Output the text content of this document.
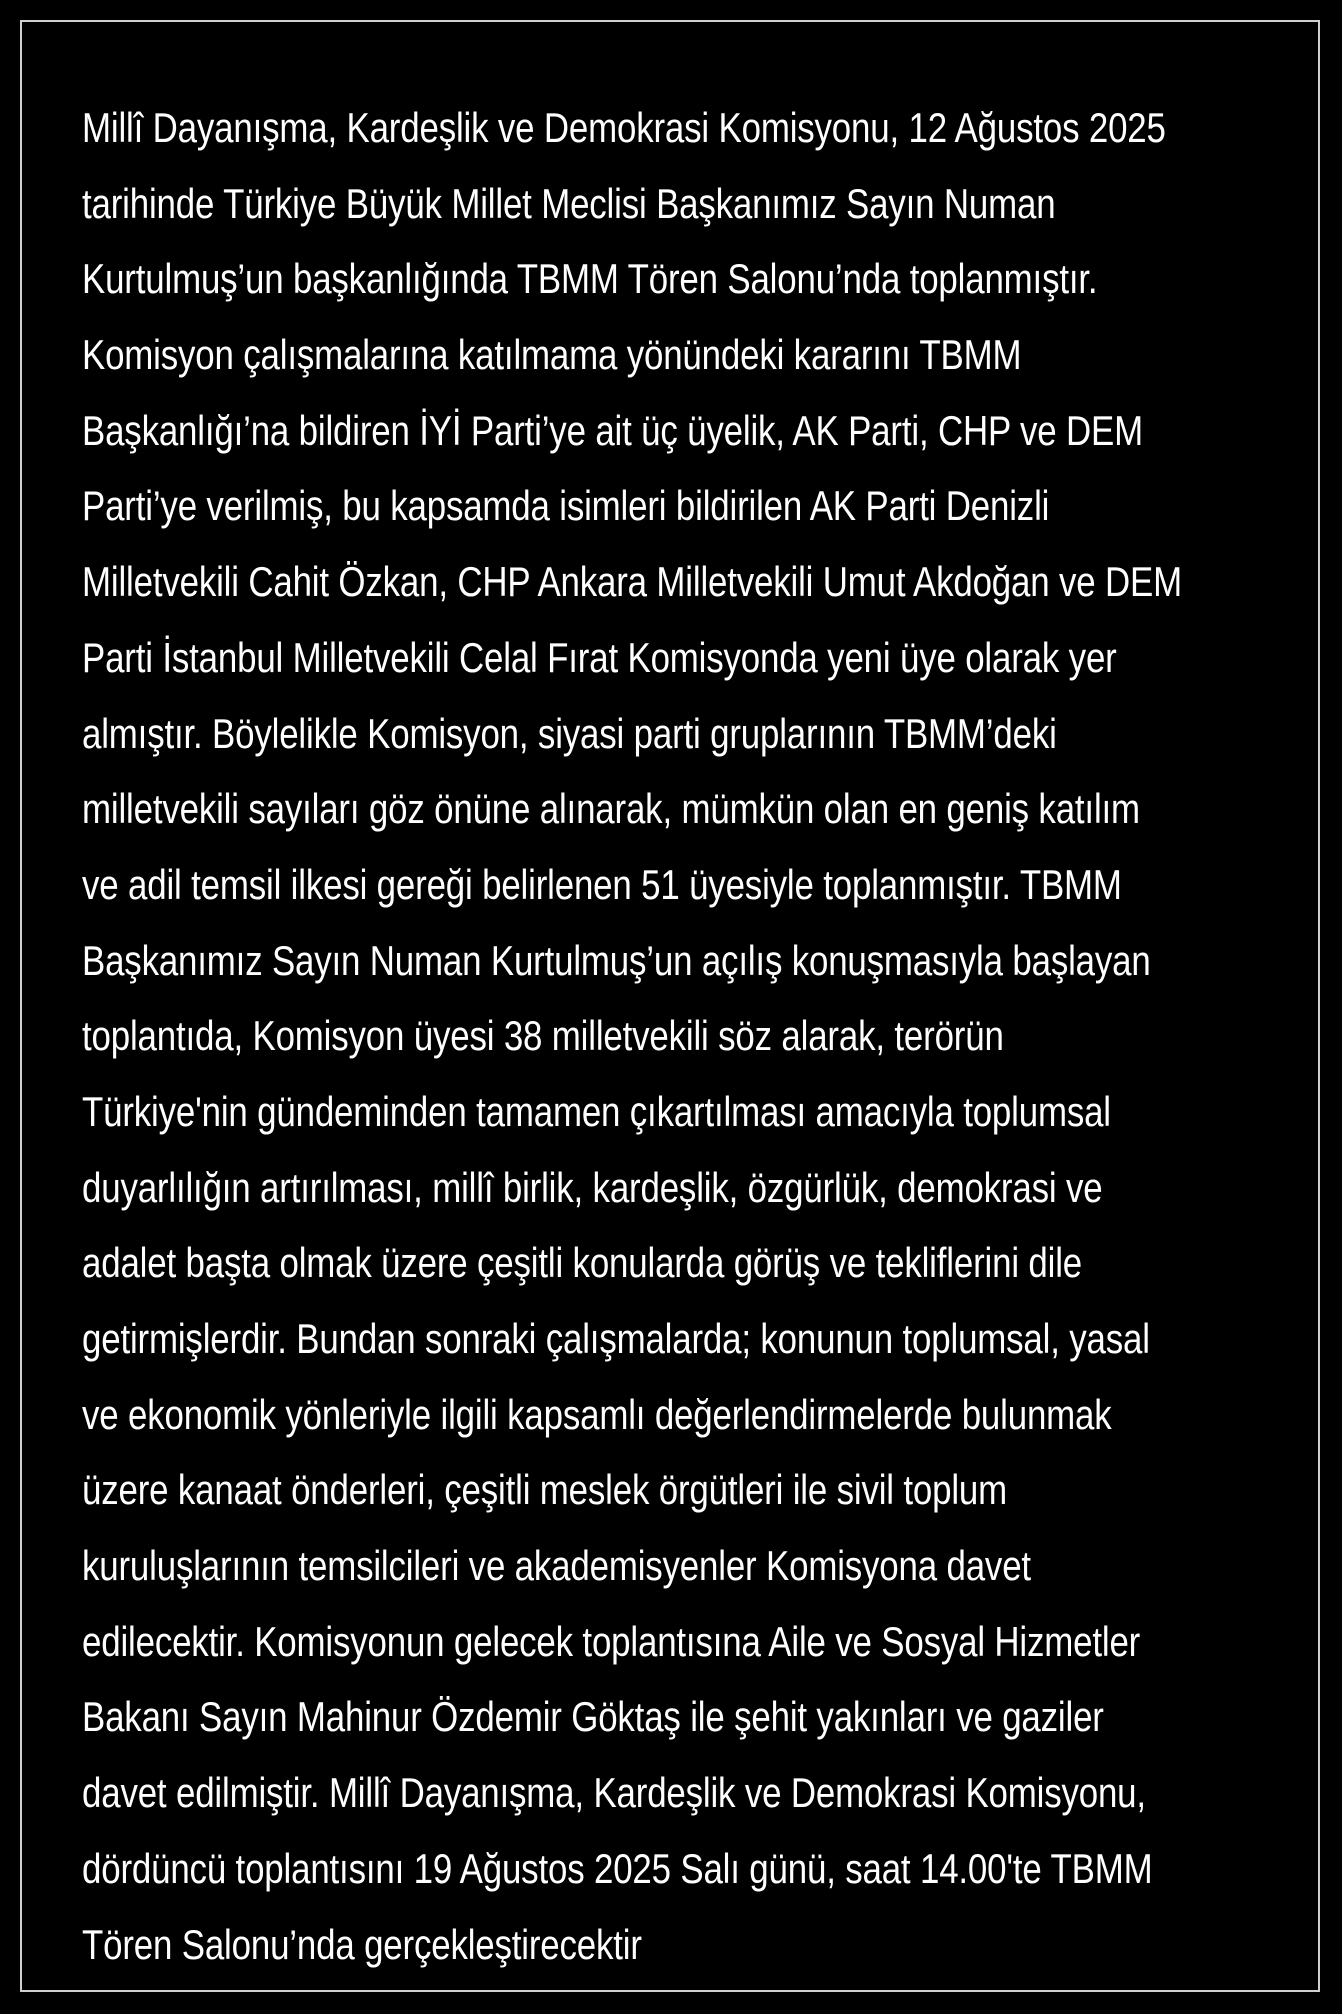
Millî Dayanışma, Kardeşlik ve Demokrasi Komisyonu, 12 Ağustos 2025
tarihinde Türkiye Büyük Millet Meclisi Başkanımız Sayın Numan
Kurtulmuş’un başkanlığında TBMM Tören Salonu’nda toplanmıştır.
Komisyon çalışmalarına katılmama yönündeki kararını TBMM
Başkanlığı’na bildiren İYİ Parti’ye ait üç üyelik, AK Parti, CHP ve DEM
Parti’ye verilmiş, bu kapsamda isimleri bildirilen AK Parti Denizli
Milletvekili Cahit Özkan, CHP Ankara Milletvekili Umut Akdoğan ve DEM
Parti İstanbul Milletvekili Celal Fırat Komisyonda yeni üye olarak yer
almıştır. Böylelikle Komisyon, siyasi parti gruplarının TBMM’deki
milletvekili sayıları göz önüne alınarak, mümkün olan en geniş katılım
ve adil temsil ilkesi gereği belirlenen 51 üyesiyle toplanmıştır. TBMM
Başkanımız Sayın Numan Kurtulmuş’un açılış konuşmasıyla başlayan
toplantıda, Komisyon üyesi 38 milletvekili söz alarak, terörün
Türkiye'nin gündeminden tamamen çıkartılması amacıyla toplumsal
duyarlılığın artırılması, millî birlik, kardeşlik, özgürlük, demokrasi ve
adalet başta olmak üzere çeşitli konularda görüş ve tekliflerini dile
getirmişlerdir. Bundan sonraki çalışmalarda; konunun toplumsal, yasal
ve ekonomik yönleriyle ilgili kapsamlı değerlendirmelerde bulunmak
üzere kanaat önderleri, çeşitli meslek örgütleri ile sivil toplum
kuruluşlarının temsilcileri ve akademisyenler Komisyona davet
edilecektir. Komisyonun gelecek toplantısına Aile ve Sosyal Hizmetler
Bakanı Sayın Mahinur Özdemir Göktaş ile şehit yakınları ve gaziler
davet edilmiştir. Millî Dayanışma, Kardeşlik ve Demokrasi Komisyonu,
dördüncü toplantısını 19 Ağustos 2025 Salı günü, saat 14.00'te TBMM
Tören Salonu’nda gerçekleştirecektir
